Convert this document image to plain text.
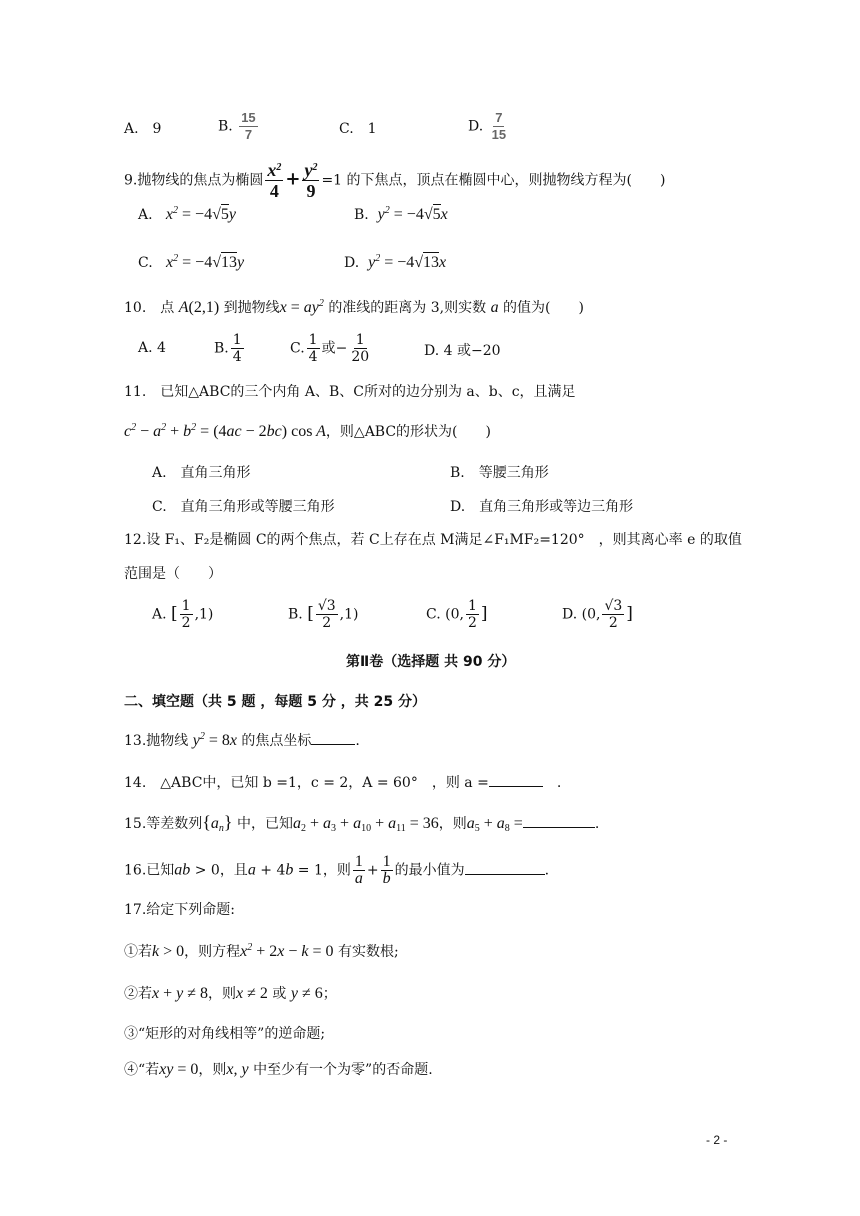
A.　9	B. $\frac{15}{7}$	C.　1	D. $\frac{7}{15}$
9.抛物线的焦点为椭圆 $\frac{x^2}{4} + \frac{y^2}{9} =1$ 的下焦点，顶点在椭圆中心，则抛物线方程为(　　)
A. $x^2 = -4√5y$	B. $y^2 = -4√5x$
C. $x^2 = -4√13y$	D. $y^2 = -4√13x$
10.　点 A(2,1) 到抛物线$x = ay^2$ 的准线的距离为 3,则实数 a 的值为(　　)
A. 4	B. $\frac{1}{4}$	C. $\frac{1}{4}$ 或− $\frac{1}{20}$	D. 4 或−20
11.　已知△ABC的三个内角 A、B、C所对的边分别为 a、b、c，且满足
$c^2 - a^2 + b^2 = (4ac - 2bc)$ cos A，则△ABC的形状为(　　)
A.　直角三角形	B.　等腰三角形
C.　直角三角形或等腰三角形	D.　直角三角形或等边三角形
12.设 F₁、F₂是椭圆 C的两个焦点，若 C上存在点 M满足∠F₁MF₂=120°　，则其离心率 e 的取值
范围是（　　）
A. [ $\frac{1}{2} ,1$)	B. [ $\frac{√3}{2} ,1$)	C. (0, $\frac{1}{2}$ ]	D. (0, $\frac{√3}{2}$ ]
第Ⅱ卷（选择题 共 90 分）
二、填空题（共 5 题 ，每题 5 分 ，共 25 分）
13.抛物线 $y^2 = 8x$ 的焦点坐标	.
14.　△ABC中，已知 b =1，c = 2，A = 60°　，则 a =	　.
15.等差数列$\{a_n\}$ 中，已知$a_2 + a_3 + a_{10} + a_{11} = 36$，则$a_5 + a_8$ =	.
16.已知ab > 0，且a + 4b = 1，则 $\frac{1}{a} + \frac{1}{b}$ 的最小值为	.
17.给定下列命题:
①若k > 0，则方程$x^2 + 2x - k = 0$ 有实数根;
②若x + y ≠ 8，则x ≠ 2 或 y ≠ 6；
③“矩形的对角线相等”的逆命题;
④“若xy = 0，则x, y 中至少有一个为零”的否命题.
- 2 -
